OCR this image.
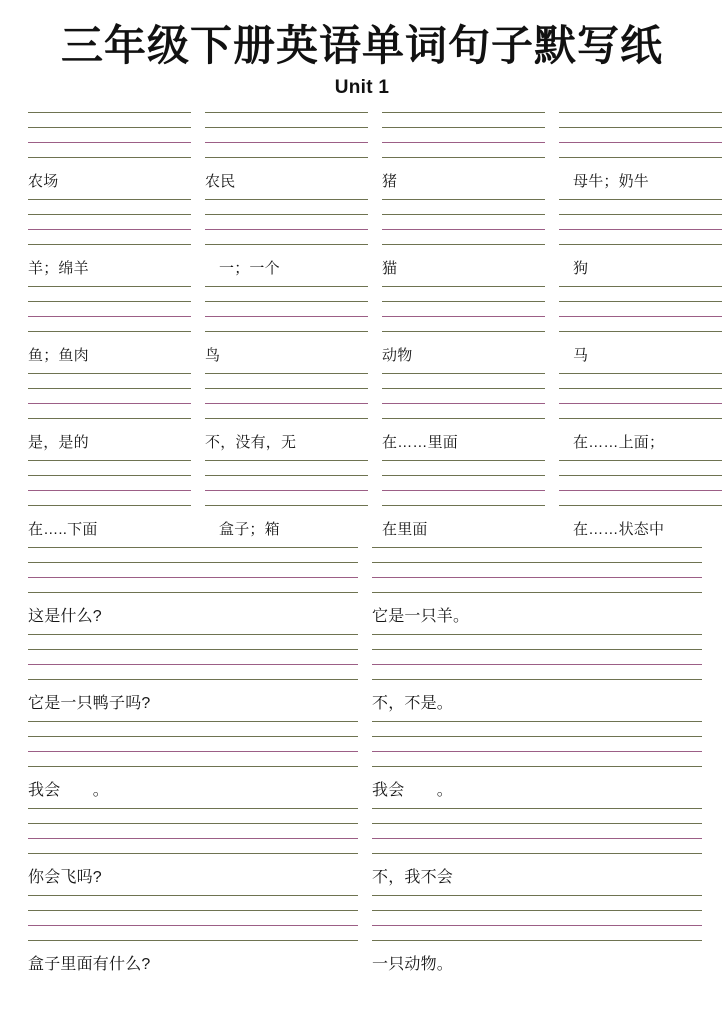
三年级下册英语单词句子默写纸
Unit 1
农场	农民	猪	母牛；奶牛
羊；绵羊	一；一个	猫	狗
鱼；鱼肉	鸟	动物	马
是，是的	不，没有，无	在……里面	在……上面；
在…..下面	盒子；箱	在里面	在……状态中
这是什么?	它是一只羊。
它是一只鸭子吗?	不，不是。
我会　　。	我会　　。
你会飞吗?	不，我不会
盒子里面有什么?	一只动物。
